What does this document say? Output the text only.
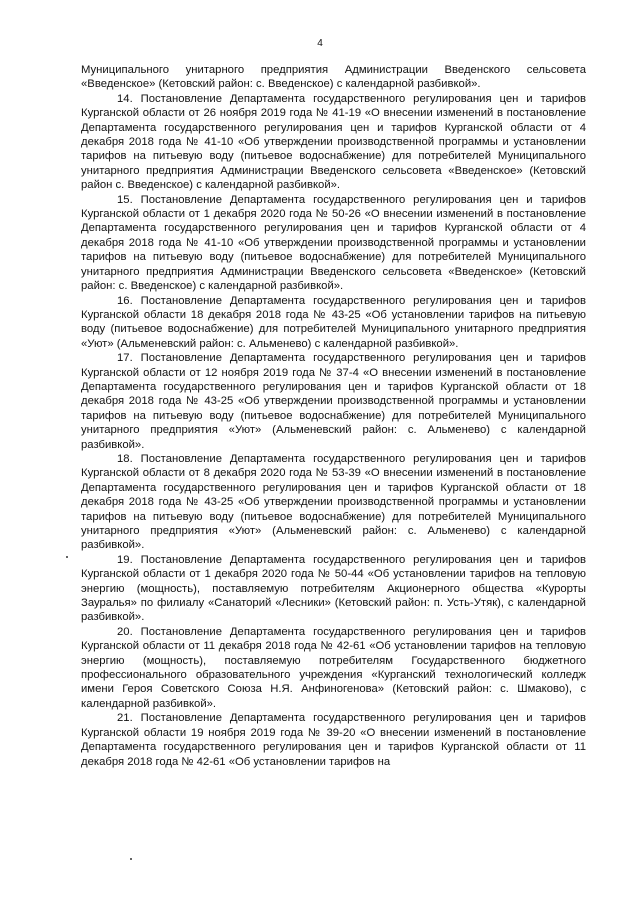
4

Муниципального унитарного предприятия Администрации Введенского сельсовета «Введенское» (Кетовский район: с. Введенское) с календарной разбивкой».

14. Постановление Департамента государственного регулирования цен и тарифов Курганской области от 26 ноября 2019 года № 41-19 «О внесении изменений в постановление Департамента государственного регулирования цен и тарифов Курганской области от 4 декабря 2018 года № 41-10 «Об утверждении производственной программы и установлении тарифов на питьевую воду (питьевое водоснабжение) для потребителей Муниципального унитарного предприятия Администрации Введенского сельсовета «Введенское» (Кетовский район с. Введенское) с календарной разбивкой».

15. Постановление Департамента государственного регулирования цен и тарифов Курганской области от 1 декабря 2020 года № 50-26 «О внесении изменений в постановление Департамента государственного регулирования цен и тарифов Курганской области от 4 декабря 2018 года № 41-10 «Об утверждении производственной программы и установлении тарифов на питьевую воду (питьевое водоснабжение) для потребителей Муниципального унитарного предприятия Администрации Введенского сельсовета «Введенское» (Кетовский район: с. Введенское) с календарной разбивкой».

16. Постановление Департамента государственного регулирования цен и тарифов Курганской области 18 декабря 2018 года № 43-25 «Об установлении тарифов на питьевую воду (питьевое водоснабжение) для потребителей Муниципального унитарного предприятия «Уют» (Альменевский район: с. Альменево) с календарной разбивкой».

17. Постановление Департамента государственного регулирования цен и тарифов Курганской области от 12 ноября 2019 года № 37-4 «О внесении изменений в постановление Департамента государственного регулирования цен и тарифов Курганской области от 18 декабря 2018 года № 43-25 «Об утверждении производственной программы и установлении тарифов на питьевую воду (питьевое водоснабжение) для потребителей Муниципального унитарного предприятия «Уют» (Альменевский район: с. Альменево) с календарной разбивкой».

18. Постановление Департамента государственного регулирования цен и тарифов Курганской области от 8 декабря 2020 года № 53-39 «О внесении изменений в постановление Департамента государственного регулирования цен и тарифов Курганской области от 18 декабря 2018 года № 43-25 «Об утверждении производственной программы и установлении тарифов на питьевую воду (питьевое водоснабжение) для потребителей Муниципального унитарного предприятия «Уют» (Альменевский район: с. Альменево) с календарной разбивкой».

19. Постановление Департамента государственного регулирования цен и тарифов Курганской области от 1 декабря 2020 года № 50-44 «Об установлении тарифов на тепловую энергию (мощность), поставляемую потребителям Акционерного общества «Курорты Зауралья» по филиалу «Санаторий «Лесники» (Кетовский район: п. Усть-Утяк), с календарной разбивкой».

20. Постановление Департамента государственного регулирования цен и тарифов Курганской области от 11 декабря 2018 года № 42-61 «Об установлении тарифов на тепловую энергию (мощность), поставляемую потребителям Государственного бюджетного профессионального образовательного учреждения «Курганский технологический колледж имени Героя Советского Союза Н.Я. Анфиногенова» (Кетовский район: с. Шмаково), с календарной разбивкой».

21. Постановление Департамента государственного регулирования цен и тарифов Курганской области 19 ноября 2019 года № 39-20 «О внесении изменений в постановление Департамента государственного регулирования цен и тарифов Курганской области от 11 декабря 2018 года № 42-61 «Об установлении тарифов на
